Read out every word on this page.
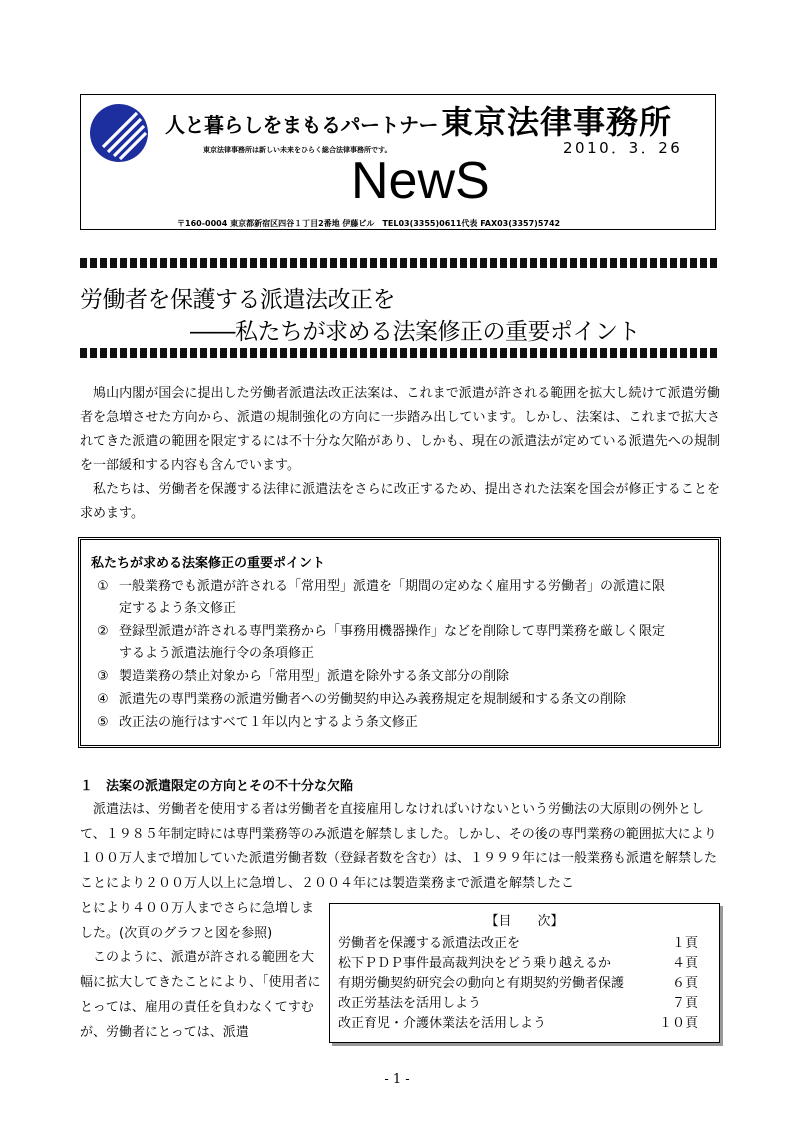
人と暮らしをまもるパートナー 東京法律事務所
東京法律事務所は新しい未来をひらく総合法律事務所です。	2010．3．26
NewS
〒160-0004 東京都新宿区四谷１丁目2番地 伊藤ビル　TEL03(3355)0611代表 FAX03(3357)5742
労働者を保護する派遣法改正を
――私たちが求める法案修正の重要ポイント

鳩山内閣が国会に提出した労働者派遣法改正法案は、これまで派遣が許される範囲を拡大し続けて派遣労働者を急増させた方向から、派遣の規制強化の方向に一歩踏み出しています。しかし、法案は、これまで拡大されてきた派遣の範囲を限定するには不十分な欠陥があり、しかも、現在の派遣法が定めている派遣先への規制を一部緩和する内容も含んでいます。

私たちは、労働者を保護する法律に派遣法をさらに改正するため、提出された法案を国会が修正することを求めます。

私たちが求める法案修正の重要ポイント
① 一般業務でも派遣が許される「常用型」派遣を「期間の定めなく雇用する労働者」の派遣に限
定するよう条文修正
② 登録型派遣が許される専門業務から「事務用機器操作」などを削除して専門業務を厳しく限定
するよう派遣法施行令の条項修正
③ 製造業務の禁止対象から「常用型」派遣を除外する条文部分の削除
④ 派遣先の専門業務の派遣労働者への労働契約申込み義務規定を規制緩和する条文の削除
⑤ 改正法の施行はすべて１年以内とするよう条文修正
１　法案の派遣限定の方向とその不十分な欠陥

派遣法は、労働者を使用する者は労働者を直接雇用しなければいけないという労働法の大原則の例外として、１９８５年制定時には専門業務等のみ派遣を解禁しました。しかし、その後の専門業務の範囲拡大により１００万人まで増加していた派遣労働者数（登録者数を含む）は、１９９９年には一般業務も派遣を解禁したことにより２００万人以上に急増し、２００４年には製造業務まで派遣を解禁したこ

とにより４００万人までさらに急増しました。(次頁のグラフと図を参照)
このように、派遣が許される範囲を大幅に拡大してきたことにより、「使用者にとっては、雇用の責任を負わなくてすむが、労働者にとっては、派遣
【目　　次】
労働者を保護する派遣法改正を	１頁
松下ＰＤＰ事件最高裁判決をどう乗り越えるか	４頁
有期労働契約研究会の動向と有期契約労働者保護	６頁
改正労基法を活用しよう	７頁
改正育児・介護休業法を活用しよう	１０頁
- 1 -
